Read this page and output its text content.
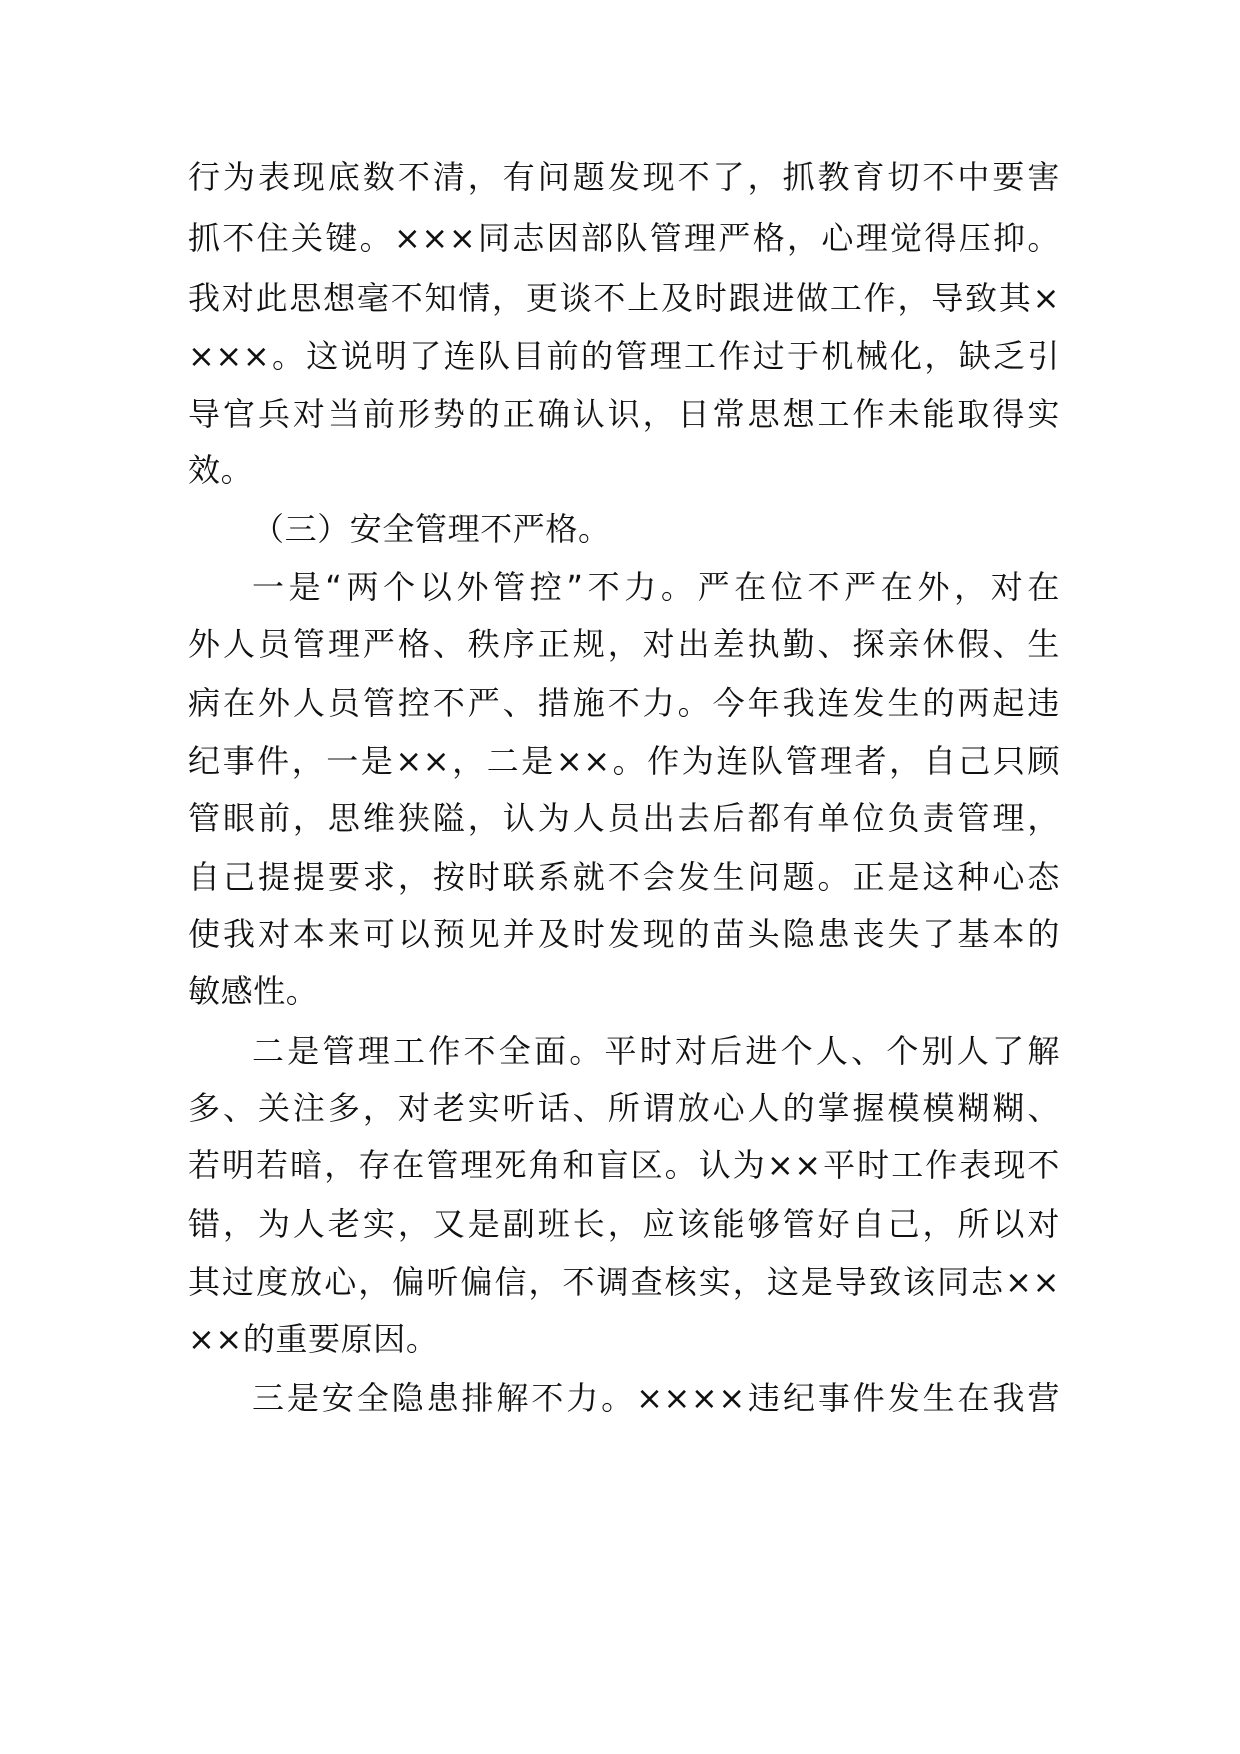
行为表现底数不清，有问题发现不了，抓教育切不中要害
抓不住关键。×××同志因部队管理严格，心理觉得压抑。
我对此思想毫不知情，更谈不上及时跟进做工作，导致其×
×××。这说明了连队目前的管理工作过于机械化，缺乏引
导官兵对当前形势的正确认识，日常思想工作未能取得实
效。
（三）安全管理不严格。
一是“两个以外管控”不力。严在位不严在外，对在
外人员管理严格、秩序正规，对出差执勤、探亲休假、生
病在外人员管控不严、措施不力。今年我连发生的两起违
纪事件，一是××，二是××。作为连队管理者，自己只顾
管眼前，思维狭隘，认为人员出去后都有单位负责管理，
自己提提要求，按时联系就不会发生问题。正是这种心态
使我对本来可以预见并及时发现的苗头隐患丧失了基本的
敏感性。
二是管理工作不全面。平时对后进个人、个别人了解
多、关注多，对老实听话、所谓放心人的掌握模模糊糊、
若明若暗，存在管理死角和盲区。认为××平时工作表现不
错，为人老实，又是副班长，应该能够管好自己，所以对
其过度放心，偏听偏信，不调查核实，这是导致该同志××
××的重要原因。
三是安全隐患排解不力。××××违纪事件发生在我营
